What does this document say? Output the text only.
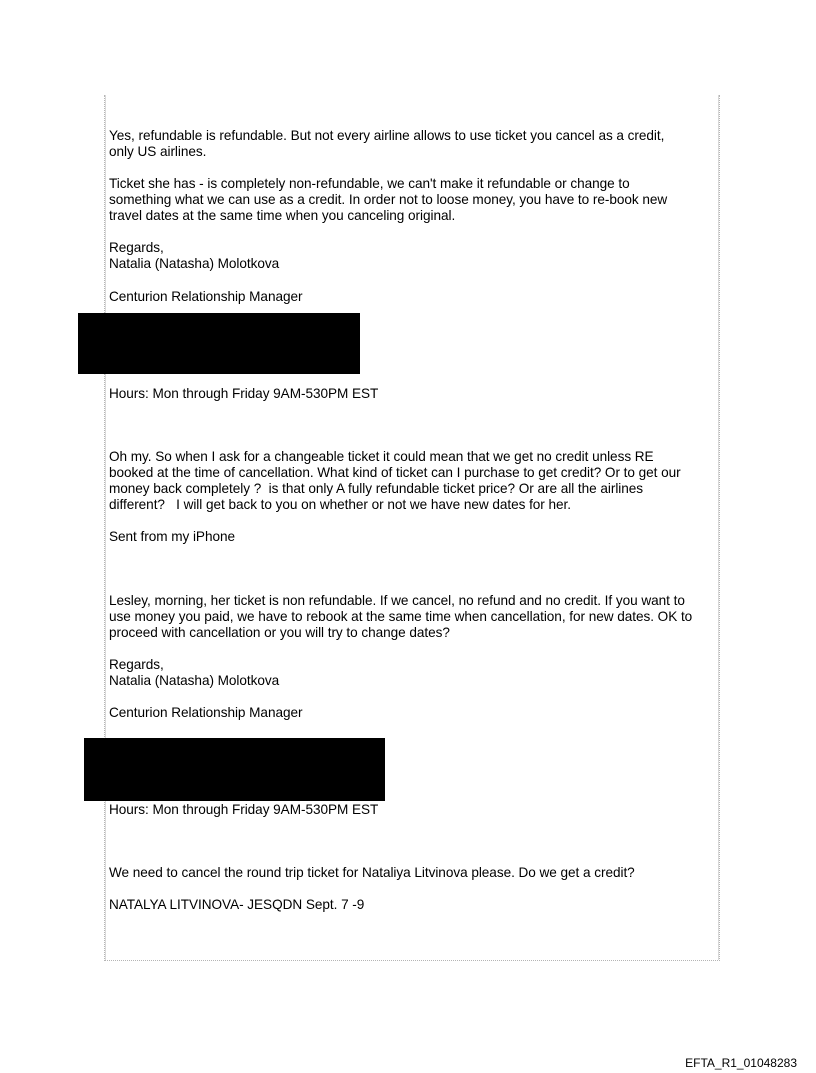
Yes, refundable is refundable. But not every airline allows to use ticket you cancel as a credit,
only US airlines.
Ticket she has - is completely non-refundable, we can't make it refundable or change to
something what we can use as a credit. In order not to loose money, you have to re-book new
travel dates at the same time when you canceling original.
Regards,
Natalia (Natasha) Molotkova
Centurion Relationship Manager
Hours: Mon through Friday 9AM-530PM EST
Oh my. So when I ask for a changeable ticket it could mean that we get no credit unless RE
booked at the time of cancellation. What kind of ticket can I purchase to get credit? Or to get our
money back completely ?  is that only A fully refundable ticket price? Or are all the airlines
different?   I will get back to you on whether or not we have new dates for her.
Sent from my iPhone
Lesley, morning, her ticket is non refundable. If we cancel, no refund and no credit. If you want to
use money you paid, we have to rebook at the same time when cancellation, for new dates. OK to
proceed with cancellation or you will try to change dates?
Regards,
Natalia (Natasha) Molotkova
Centurion Relationship Manager
Hours: Mon through Friday 9AM-530PM EST
We need to cancel the round trip ticket for Nataliya Litvinova please. Do we get a credit?
NATALYA LITVINOVA- JESQDN Sept. 7 -9
EFTA_R1_01048283
